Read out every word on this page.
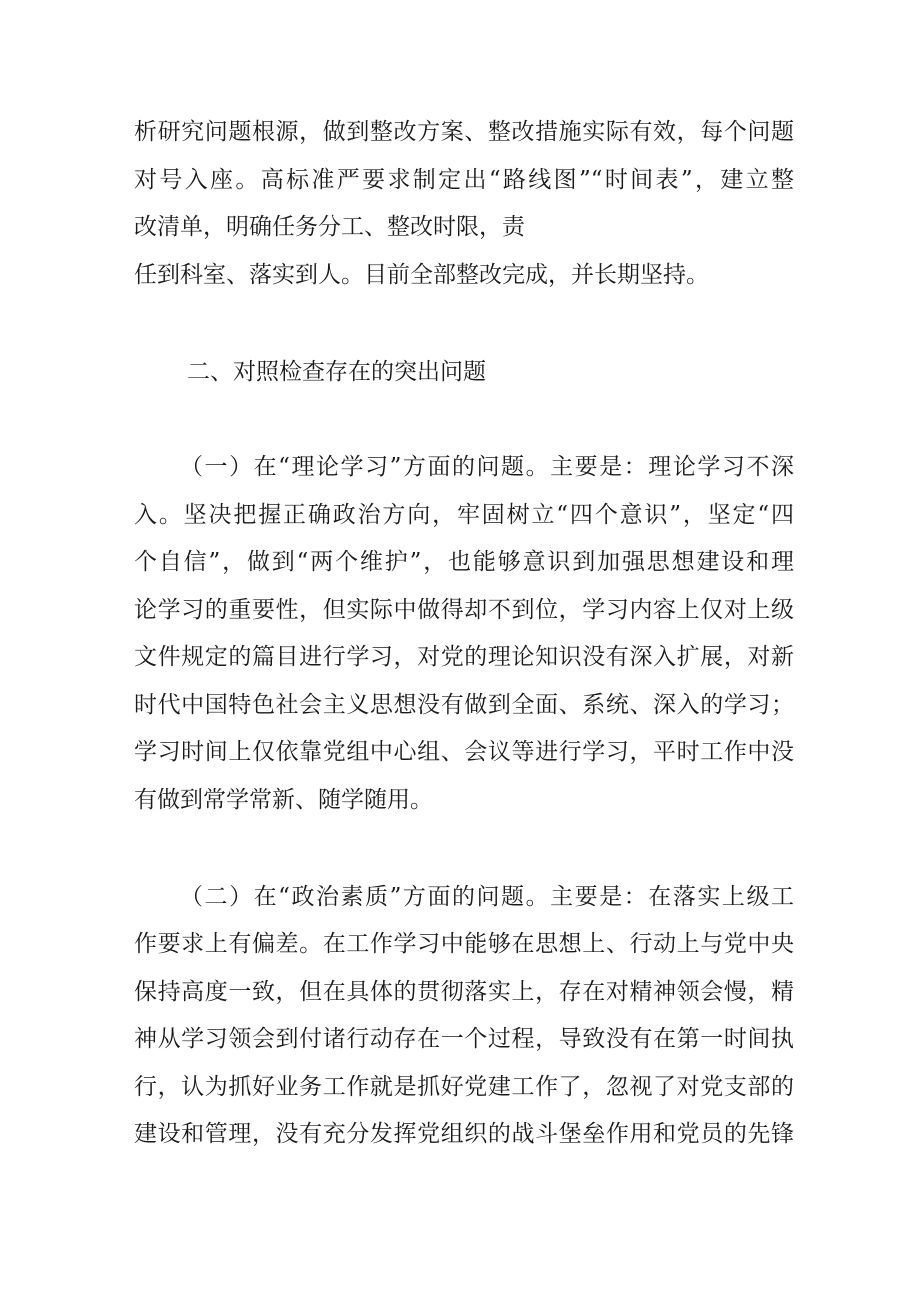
析研究问题根源，做到整改方案、整改措施实际有效，每个问题
对号入座。高标准严要求制定出“路线图”“时间表”，建立整
改清单，明确任务分工、整改时限，责
任到科室、落实到人。目前全部整改完成，并长期坚持。
二、对照检查存在的突出问题
（一）在“理论学习”方面的问题。主要是：理论学习不深
入。坚决把握正确政治方向，牢固树立“四个意识”，坚定“四
个自信”，做到“两个维护”，也能够意识到加强思想建设和理
论学习的重要性，但实际中做得却不到位，学习内容上仅对上级
文件规定的篇目进行学习，对党的理论知识没有深入扩展，对新
时代中国特色社会主义思想没有做到全面、系统、深入的学习；
学习时间上仅依靠党组中心组、会议等进行学习，平时工作中没
有做到常学常新、随学随用。
（二）在“政治素质”方面的问题。主要是：在落实上级工
作要求上有偏差。在工作学习中能够在思想上、行动上与党中央
保持高度一致，但在具体的贯彻落实上，存在对精神领会慢，精
神从学习领会到付诸行动存在一个过程，导致没有在第一时间执
行，认为抓好业务工作就是抓好党建工作了，忽视了对党支部的
建设和管理，没有充分发挥党组织的战斗堡垒作用和党员的先锋
